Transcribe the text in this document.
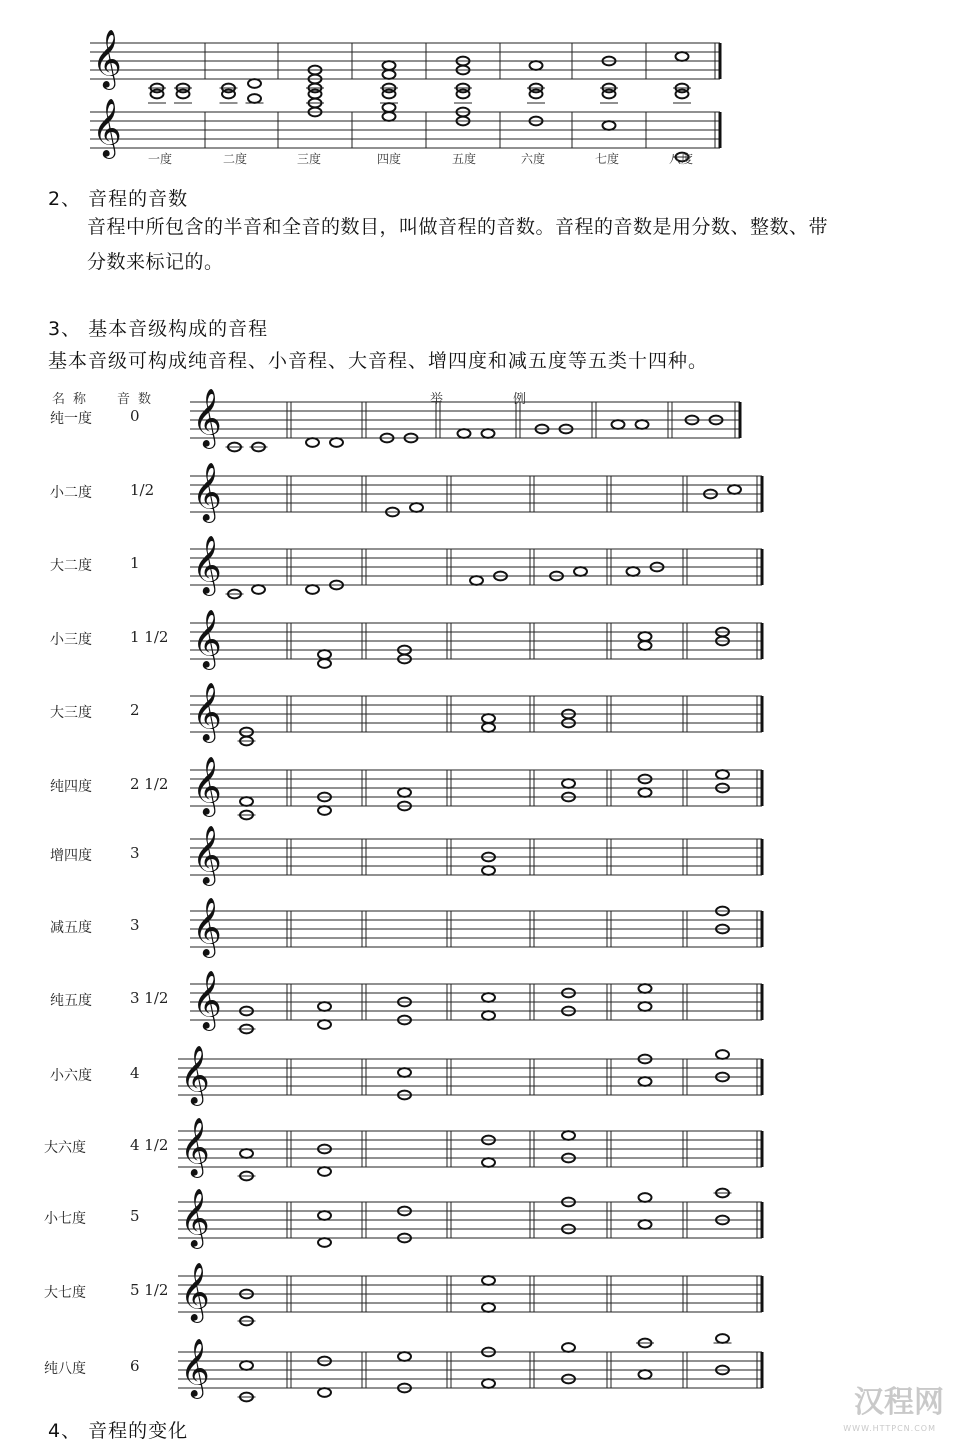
𝄞
𝄞
𝄞
𝄞
𝄞
𝄞
𝄞
𝄞
𝄞
𝄞
𝄞
𝄞
𝄞
𝄞
𝄞
𝄞
一度	二度	三度	四度	五度	六度	七度	八度
2、 音程的音数
音程中所包含的半音和全音的数目，叫做音程的音数。音程的音数是用分数、整数、带
分数来标记的。
3、 基本音级构成的音程
基本音级可构成纯音程、小音程、大音程、增四度和减五度等五类十四种。
名称 音数	举例
纯一度	0
小二度	1/2
大二度	1
小三度	1 1/2
大三度	2
纯四度	2 1/2
增四度	3
减五度	3
纯五度	3 1/2
小六度	4
大六度	4 1/2
小七度	5
大七度	5 1/2
纯八度	6
4、 音程的变化
汉程网
WWW.HTTPCN.COM
